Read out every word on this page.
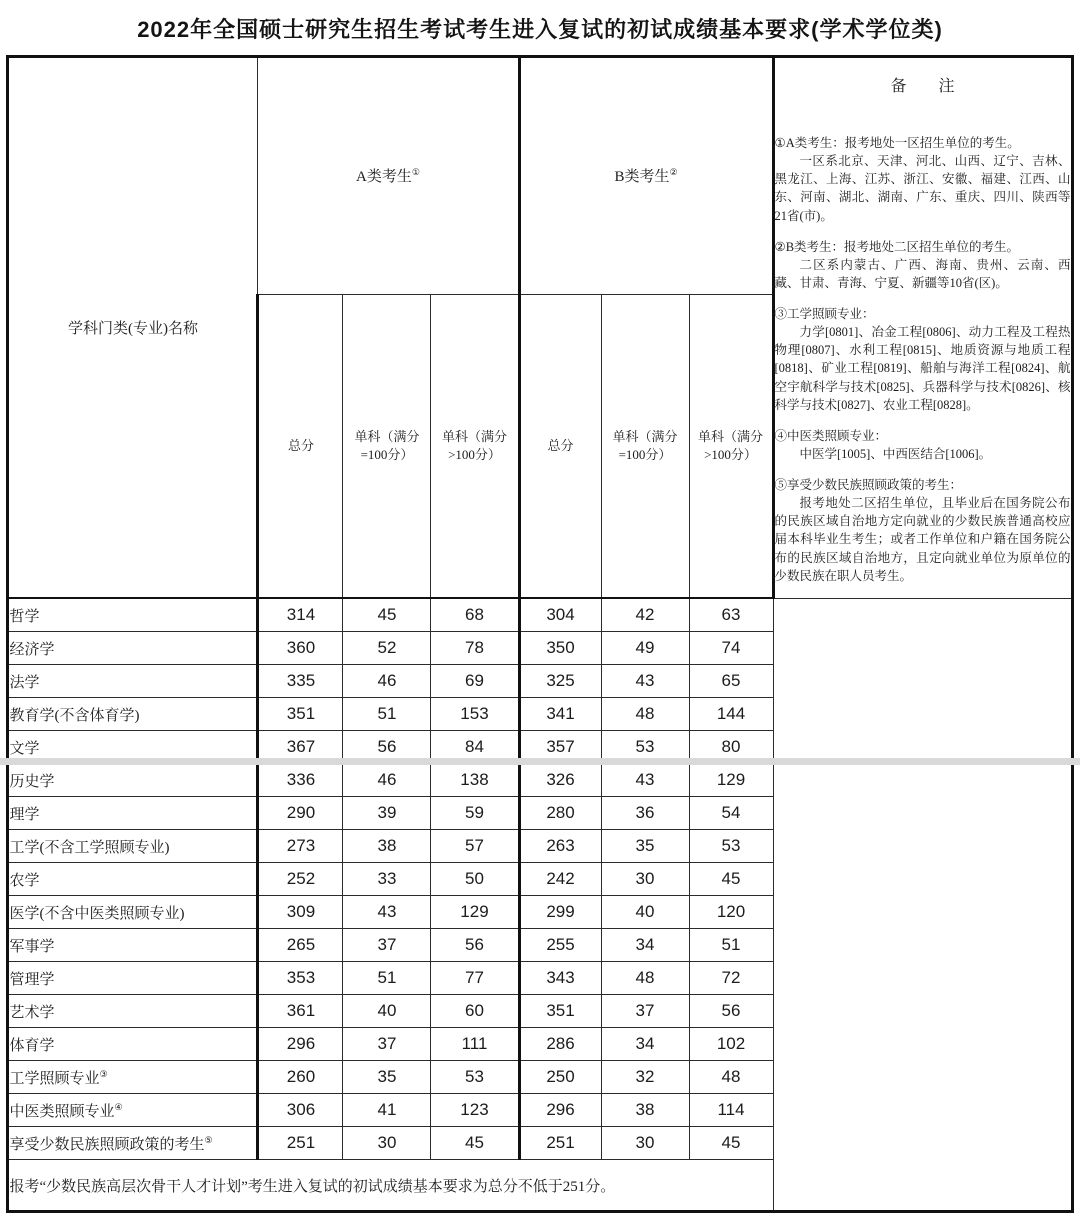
2022年全国硕士研究生招生考试考生进入复试的初试成绩基本要求(学术学位类)
学科门类(专业)名称	A类考生①	B类考生②	
备        注
①A类考生：报考地处一区招生单位的考生。
一区系北京、天津、河北、山西、辽宁、吉林、黑龙江、上海、江苏、浙江、安徽、福建、江西、山东、河南、湖北、湖南、广东、重庆、四川、陕西等21省(市)。
②B类考生：报考地处二区招生单位的考生。
二区系内蒙古、广西、海南、贵州、云南、西藏、甘肃、青海、宁夏、新疆等10省(区)。
③工学照顾专业：
力学[0801]、冶金工程[0806]、动力工程及工程热物理[0807]、水利工程[0815]、地质资源与地质工程[0818]、矿业工程[0819]、船舶与海洋工程[0824]、航空宇航科学与技术[0825]、兵器科学与技术[0826]、核科学与技术[0827]、农业工程[0828]。
④中医类照顾专业：
中医学[1005]、中西医结合[1006]。
⑤享受少数民族照顾政策的考生：
报考地处二区招生单位，且毕业后在国务院公布的民族区域自治地方定向就业的少数民族普通高校应届本科毕业生考生；或者工作单位和户籍在国务院公布的民族区域自治地方，且定向就业单位为原单位的少数民族在职人员考生。

	总分	单科（满分=100分）	单科（满分>100分）	总分	单科（满分=100分）	单科（满分>100分）	
哲学	314	45	68	304	42	63	
经济学	360	52	78	350	49	74	
法学	335	46	69	325	43	65	
教育学(不含体育学)	351	51	153	341	48	144	
文学	367	56	84	357	53	80	
历史学	336	46	138	326	43	129	
理学	290	39	59	280	36	54	
工学(不含工学照顾专业)	273	38	57	263	35	53	
农学	252	33	50	242	30	45	
医学(不含中医类照顾专业)	309	43	129	299	40	120	
军事学	265	37	56	255	34	51	
管理学	353	51	77	343	48	72	
艺术学	361	40	60	351	37	56	
体育学	296	37	111	286	34	102	
工学照顾专业③	260	35	53	250	32	48	
中医类照顾专业④	306	41	123	296	38	114	
享受少数民族照顾政策的考生⑤	251	30	45	251	30	45	
报考“少数民族高层次骨干人才计划”考生进入复试的初试成绩基本要求为总分不低于251分。							
